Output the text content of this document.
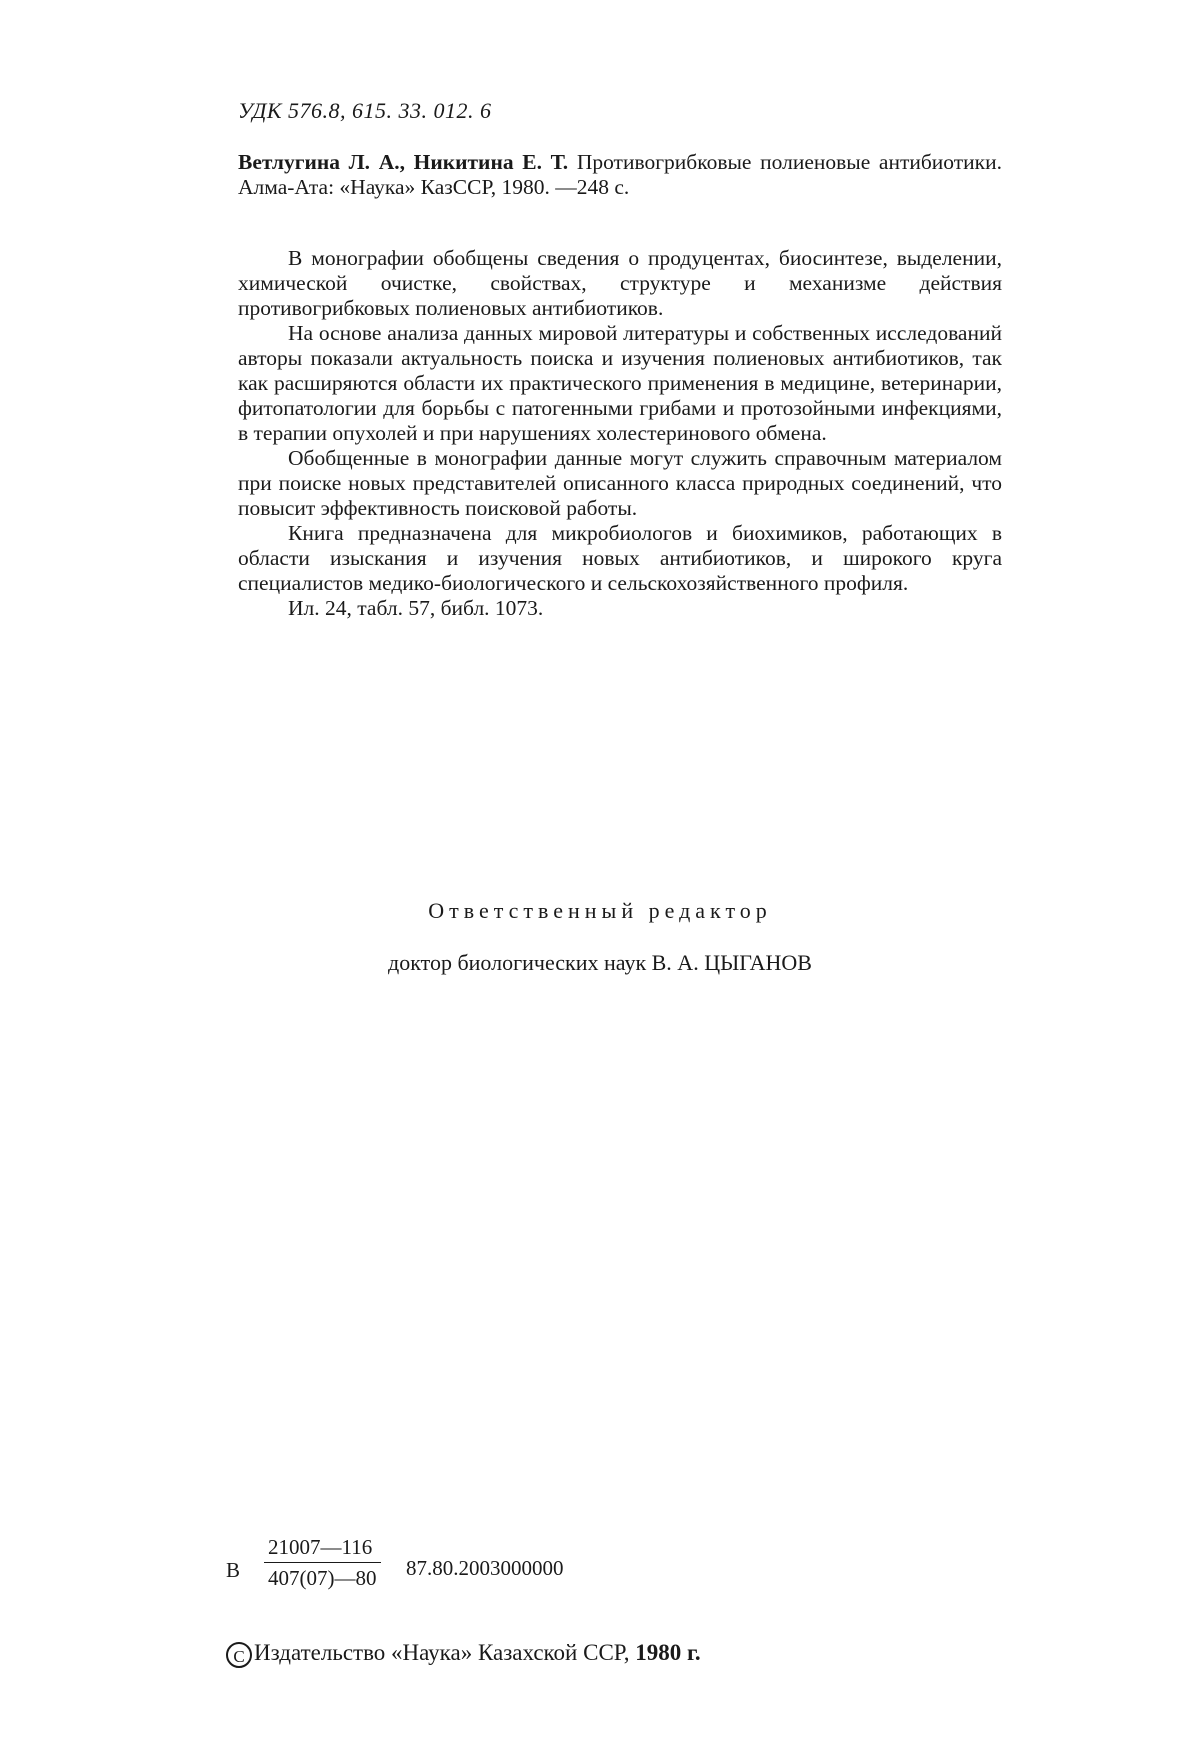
УДК 576.8, 615. 33. 012. 6
Ветлугина Л. А., Никитина Е. Т. Противогрибковые полиеновые антибиотики. Алма-Ата: «Наука» КазССР, 1980. —248 с.

В монографии обобщены сведения о продуцентах, биосинтезе, выделении, химической очистке, свойствах, структуре и механизме действия противогрибковых полиеновых антибиотиков.

На основе анализа данных мировой литературы и собственных исследований авторы показали актуальность поиска и изучения полиеновых антибиотиков, так как расширяются области их практического применения в медицине, ветеринарии, фитопатологии для борьбы с патогенными грибами и протозойными инфекциями, в терапии опухолей и при нарушениях холестеринового обмена.

Обобщенные в монографии данные могут служить справочным материалом при поиске новых представителей описанного класса природных соединений, что повысит эффективность поисковой работы.

Книга предназначена для микробиологов и биохимиков, работающих в области изыскания и изучения новых антибиотиков, и широкого круга специалистов медико-биологического и сельскохозяйственного профиля.

Ил. 24, табл. 57, библ. 1073.

Ответственный редактор
доктор биологических наук В. А. ЦЫГАНОВ
В
21007—116
407(07)—80 87.80.2003000000
C Издательство «Наука» Казахской ССР, 1980 г.
